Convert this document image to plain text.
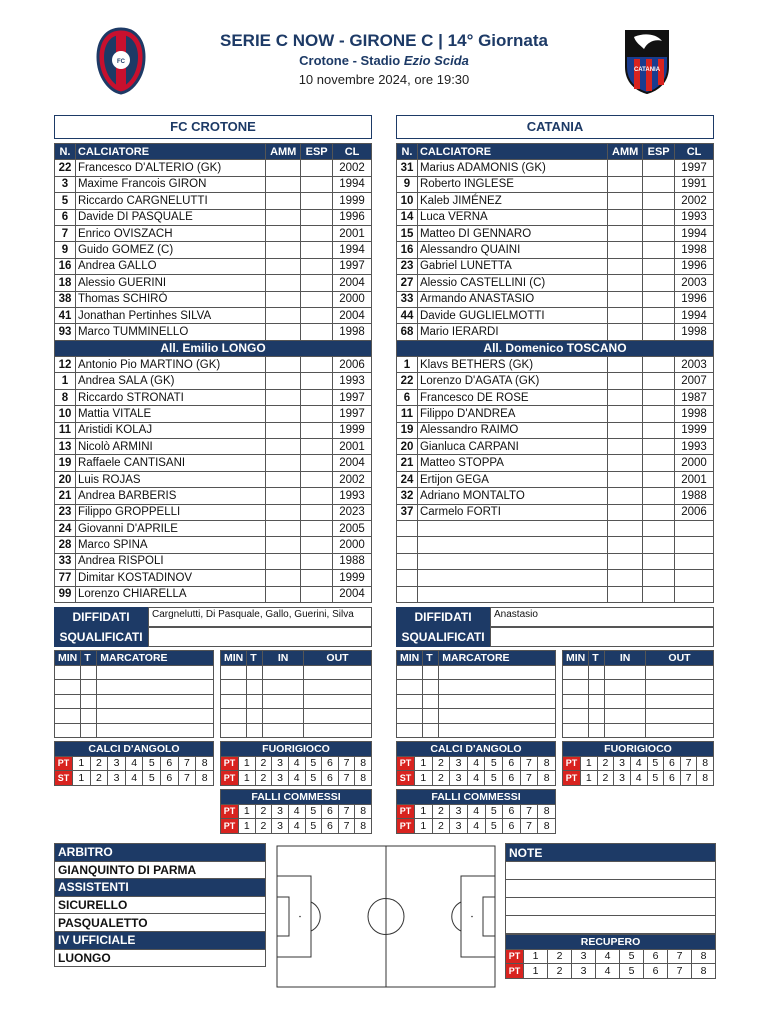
FC
CATANIA
SERIE C NOW - GIRONE C | 14° Giornata
Crotone - Stadio Ezio Scida
10 novembre 2024, ore 19:30
FC CROTONE	CATANIA
N.	CALCIATORE	AMM	ESP	CL
22	Francesco D'ALTERIO (GK)			2002
3	Maxime Francois GIRON			1994
5	Riccardo CARGNELUTTI			1999
6	Davide DI PASQUALE			1996
7	Enrico OVISZACH			2001
9	Guido GOMEZ (C)			1994
16	Andrea GALLO			1997
18	Alessio GUERINI			2004
38	Thomas SCHIRÒ			2000
41	Jonathan Pertinhes SILVA			2004
93	Marco TUMMINELLO			1998
All. Emilio LONGO				
12	Antonio Pio MARTINO (GK)			2006
1	Andrea SALA (GK)			1993
8	Riccardo STRONATI			1997
10	Mattia VITALE			1997
11	Aristidi KOLAJ			1999
13	Nicolò ARMINI			2001
19	Raffaele CANTISANI			2004
20	Luis ROJAS			2002
21	Andrea BARBERIS			1993
23	Filippo GROPPELLI			2023
24	Giovanni D'APRILE			2005
28	Marco SPINA			2000
33	Andrea RISPOLI			1988
77	Dimitar KOSTADINOV			1999
99	Lorenzo CHIARELLA			2004
N.	CALCIATORE	AMM	ESP	CL
31	Marius ADAMONIS (GK)			1997
9	Roberto INGLESE			1991
10	Kaleb JIMÉNEZ			2002
14	Luca VERNA			1993
15	Matteo DI GENNARO			1994
16	Alessandro QUAINI			1998
23	Gabriel LUNETTA			1996
27	Alessio CASTELLINI (C)			2003
33	Armando ANASTASIO			1996
44	Davide GUGLIELMOTTI			1994
68	Mario IERARDI			1998
All. Domenico TOSCANO				
1	Klavs BETHERS (GK)			2003
22	Lorenzo D'AGATA (GK)			2007
6	Francesco DE ROSE			1987
11	Filippo D'ANDREA			1998
19	Alessandro RAIMO			1999
20	Gianluca CARPANI			1993
21	Matteo STOPPA			2000
24	Ertijon GEGA			2001
32	Adriano MONTALTO			1988
37	Carmelo FORTI			2006

DIFFIDATI	Cargnelutti, Di Pasquale, Gallo, Guerini, Silva
SQUALIFICATI
DIFFIDATI	Anastasio
SQUALIFICATI
MIN	T	MARCATORE

			MIN	T	IN	OUT

				MIN	T	MARCATORE

			MIN	T	IN	OUT

CALCI D'ANGOLO								
PT	1	2	3	4	5	6	7	8
ST	1	2	3	4	5	6	7	8
FUORIGIOCO								
PT	1	2	3	4	5	6	7	8
PT	1	2	3	4	5	6	7	8
FALLI COMMESSI								
PT	1	2	3	4	5	6	7	8
PT	1	2	3	4	5	6	7	8
CALCI D'ANGOLO								
PT	1	2	3	4	5	6	7	8
ST	1	2	3	4	5	6	7	8
FUORIGIOCO								
PT	1	2	3	4	5	6	7	8
PT	1	2	3	4	5	6	7	8
FALLI COMMESSI								
PT	1	2	3	4	5	6	7	8
PT	1	2	3	4	5	6	7	8
ARBITRO
GIANQUINTO DI PARMA
ASSISTENTI
SICURELLO
PASQUALETTO
IV UFFICIALE
LUONGO
NOTE

RECUPERO								
PT	1	2	3	4	5	6	7	8
PT	1	2	3	4	5	6	7	8
